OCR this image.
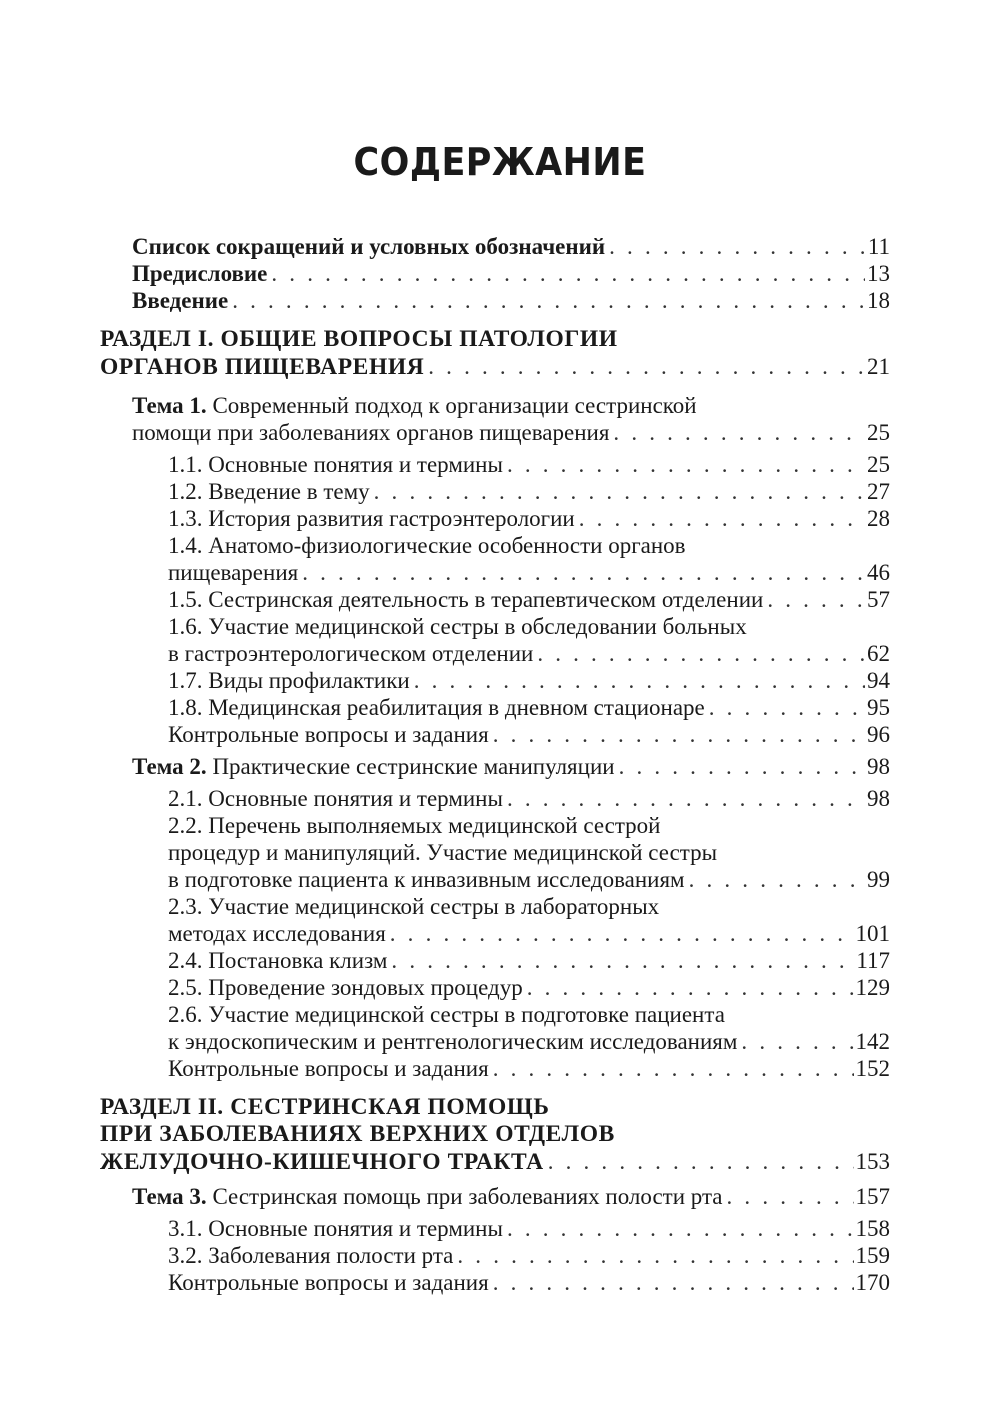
СОДЕРЖАНИЕ
Список сокращений и условных обозначений . . .	11
Предисловие . . .	13
Введение . . .	18
РАЗДЕЛ I. ОБЩИЕ ВОПРОСЫ ПАТОЛОГИИ
ОРГАНОВ ПИЩЕВАРЕНИЯ . . .	21
Тема 1. Современный подход к организации сестринской
помощи при заболеваниях органов пищеварения . . .	25
1.1. Основные понятия и термины . . .	25
1.2. Введение в тему . . .	27
1.3. История развития гастроэнтерологии . . .	28
1.4. Анатомо-физиологические особенности органов
пищеварения . . .	46
1.5. Сестринская деятельность в терапевтическом отделении . . .	57
1.6. Участие медицинской сестры в обследовании больных
в гастроэнтерологическом отделении . . .	62
1.7. Виды профилактики . . .	94
1.8. Медицинская реабилитация в дневном стационаре . . .	95
Контрольные вопросы и задания . . .	96
Тема 2. Практические сестринские манипуляции . . .	98
2.1. Основные понятия и термины . . .	98
2.2. Перечень выполняемых медицинской сестрой
процедур и манипуляций. Участие медицинской сестры
в подготовке пациента к инвазивным исследованиям . . .	99
2.3. Участие медицинской сестры в лабораторных
методах исследования . . .	101
2.4. Постановка клизм . . .	117
2.5. Проведение зондовых процедур . . .	129
2.6. Участие медицинской сестры в подготовке пациента
к эндоскопическим и рентгенологическим исследованиям . . .	142
Контрольные вопросы и задания . . .	152
РАЗДЕЛ II. СЕСТРИНСКАЯ ПОМОЩЬ
ПРИ ЗАБОЛЕВАНИЯХ ВЕРХНИХ ОТДЕЛОВ
ЖЕЛУДОЧНО-КИШЕЧНОГО ТРАКТА . . .	153
Тема 3. Сестринская помощь при заболеваниях полости рта . . .	157
3.1. Основные понятия и термины . . .	158
3.2. Заболевания полости рта . . .	159
Контрольные вопросы и задания . . .	170
